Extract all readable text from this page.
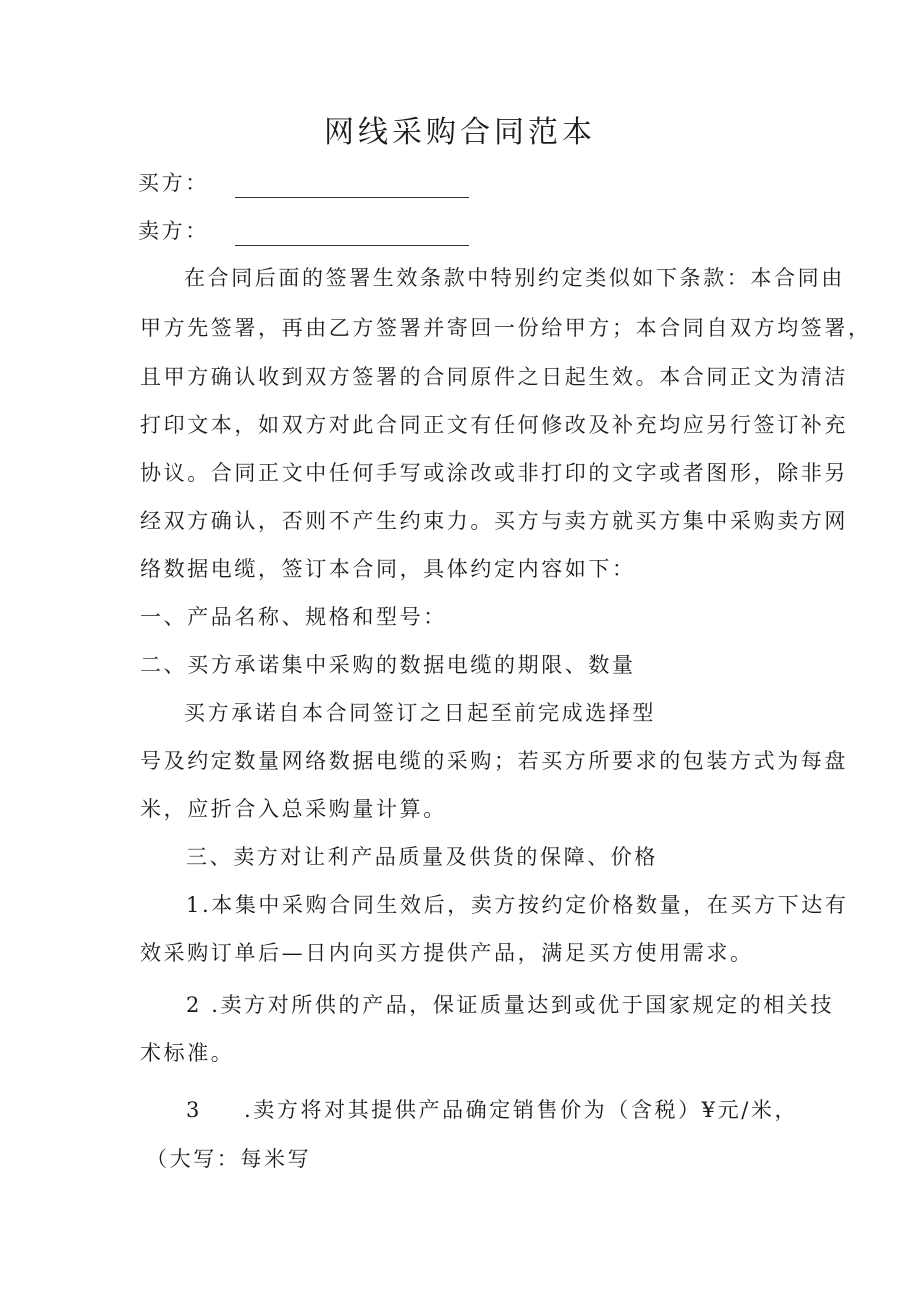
网线采购合同范本
买方：
卖方：
在合同后面的签署生效条款中特别约定类似如下条款：本合同由
甲方先签署，再由乙方签署并寄回一份给甲方；本合同自双方均签署，
且甲方确认收到双方签署的合同原件之日起生效。本合同正文为清洁
打印文本，如双方对此合同正文有任何修改及补充均应另行签订补充
协议。合同正文中任何手写或涂改或非打印的文字或者图形，除非另
经双方确认，否则不产生约束力。买方与卖方就买方集中采购卖方网
络数据电缆，签订本合同，具体约定内容如下：
一、产品名称、规格和型号：
二、买方承诺集中采购的数据电缆的期限、数量
买方承诺自本合同签订之日起至前完成选择型
号及约定数量网络数据电缆的采购；若买方所要求的包装方式为每盘
米，应折合入总采购量计算。
三、卖方对让利产品质量及供货的保障、价格
1.本集中采购合同生效后，卖方按约定价格数量，在买方下达有
效采购订单后—日内向买方提供产品，满足买方使用需求。
2 .卖方对所供的产品，保证质量达到或优于国家规定的相关技
术标准。
3 .卖方将对其提供产品确定销售价为（含税）¥元/米，
（大写：每米写
